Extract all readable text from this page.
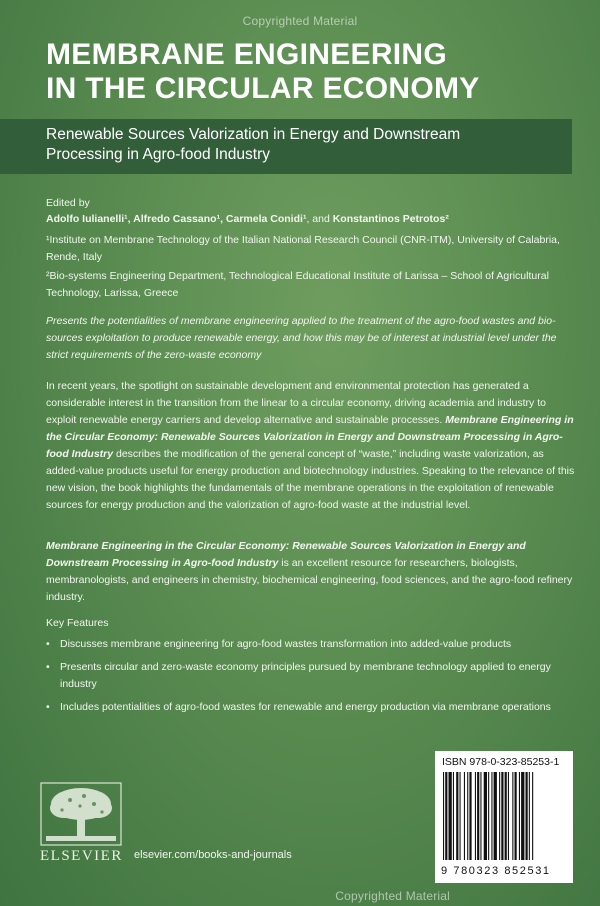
Copyrighted Material
MEMBRANE ENGINEERING
IN THE CIRCULAR ECONOMY
Renewable Sources Valorization in Energy and Downstream
Processing in Agro-food Industry
Edited by
Adolfo Iulianelli¹, Alfredo Cassano¹, Carmela Conidi¹, and Konstantinos Petrotos²
¹Institute on Membrane Technology of the Italian National Research Council (CNR-ITM), University of Calabria, Rende, Italy
²Bio-systems Engineering Department, Technological Educational Institute of Larissa – School of Agricultural Technology, Larissa, Greece
Presents the potentialities of membrane engineering applied to the treatment of the agro-food wastes and bio-sources exploitation to produce renewable energy, and how this may be of interest at industrial level under the strict requirements of the zero-waste economy

In recent years, the spotlight on sustainable development and environmental protection has generated a considerable interest in the transition from the linear to a circular economy, driving academia and industry to exploit renewable energy carriers and develop alternative and sustainable processes. Membrane Engineering in the Circular Economy: Renewable Sources Valorization in Energy and Downstream Processing in Agro-food Industry describes the modification of the general concept of “waste,” including waste valorization, as added-value products useful for energy production and biotechnology industries. Speaking to the relevance of this new vision, the book highlights the fundamentals of the membrane operations in the exploitation of renewable sources for energy production and the valorization of agro-food waste at the industrial level.

Membrane Engineering in the Circular Economy: Renewable Sources Valorization in Energy and Downstream Processing in Agro-food Industry is an excellent resource for researchers, biologists, membranologists, and engineers in chemistry, biochemical engineering, food sciences, and the agro-food refinery industry.

Key Features
• Discusses membrane engineering for agro-food wastes transformation into added-value products
• Presents circular and zero-waste economy principles pursued by membrane technology applied to energy industry
• Includes potentialities of agro-food wastes for renewable and energy production via membrane operations
ELSEVIER elsevier.com/books-and-journals
ISBN 978-0-323-85253-1
9 780323 852531
Copyrighted Material
